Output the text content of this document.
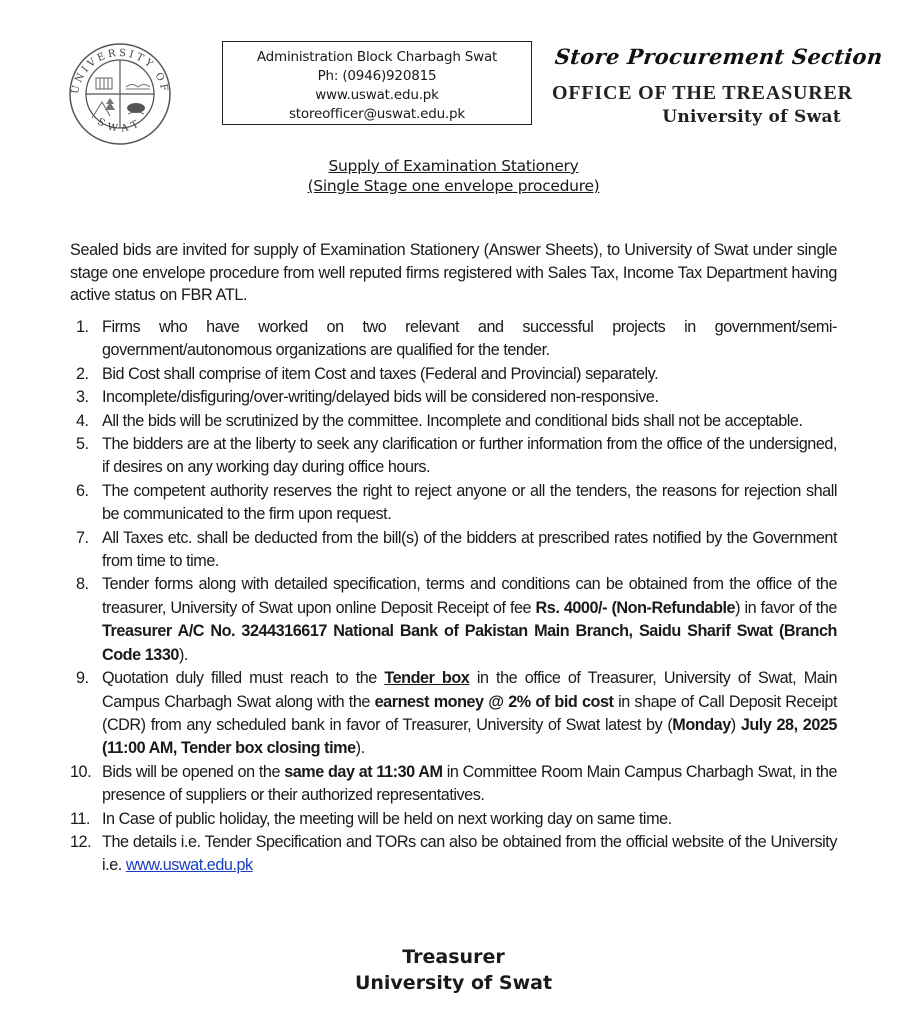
UNIVERSITY OF
SWAT
Administration Block Charbagh Swat
Ph: (0946)920815
www.uswat.edu.pk
storeofficer@uswat.edu.pk
Store Procurement Section
OFFICE OF THE TREASURER
University of Swat
Supply of Examination Stationery
(Single Stage one envelope procedure)

Sealed bids are invited for supply of Examination Stationery (Answer Sheets), to University of Swat under single stage one envelope procedure from well reputed firms registered with Sales Tax, Income Tax Department having active status on FBR ATL.

1. Firms who have worked on two relevant and successful projects in government/semi-government/autonomous organizations are qualified for the tender.
2. Bid Cost shall comprise of item Cost and taxes (Federal and Provincial) separately.
3. Incomplete/disfiguring/over-writing/delayed bids will be considered non-responsive.
4. All the bids will be scrutinized by the committee. Incomplete and conditional bids shall not be acceptable.
5. The bidders are at the liberty to seek any clarification or further information from the office of the undersigned, if desires on any working day during office hours.
6. The competent authority reserves the right to reject anyone or all the tenders, the reasons for rejection shall be communicated to the firm upon request.
7. All Taxes etc. shall be deducted from the bill(s) of the bidders at prescribed rates notified by the Government from time to time.
8. Tender forms along with detailed specification, terms and conditions can be obtained from the office of the treasurer, University of Swat upon online Deposit Receipt of fee Rs. 4000/- (Non-Refundable) in favor of the Treasurer A/C No. 3244316617 National Bank of Pakistan Main Branch, Saidu Sharif Swat (Branch Code 1330).
9. Quotation duly filled must reach to the Tender box in the office of Treasurer, University of Swat, Main Campus Charbagh Swat along with the earnest money @ 2% of bid cost in shape of Call Deposit Receipt (CDR) from any scheduled bank in favor of Treasurer, University of Swat latest by (Monday) July 28, 2025 (11:00 AM, Tender box closing time).
10. Bids will be opened on the same day at 11:30 AM in Committee Room Main Campus Charbagh Swat, in the presence of suppliers or their authorized representatives.
11. In Case of public holiday, the meeting will be held on next working day on same time.
12. The details i.e. Tender Specification and TORs can also be obtained from the official website of the University i.e. www.uswat.edu.pk
Treasurer
University of Swat
